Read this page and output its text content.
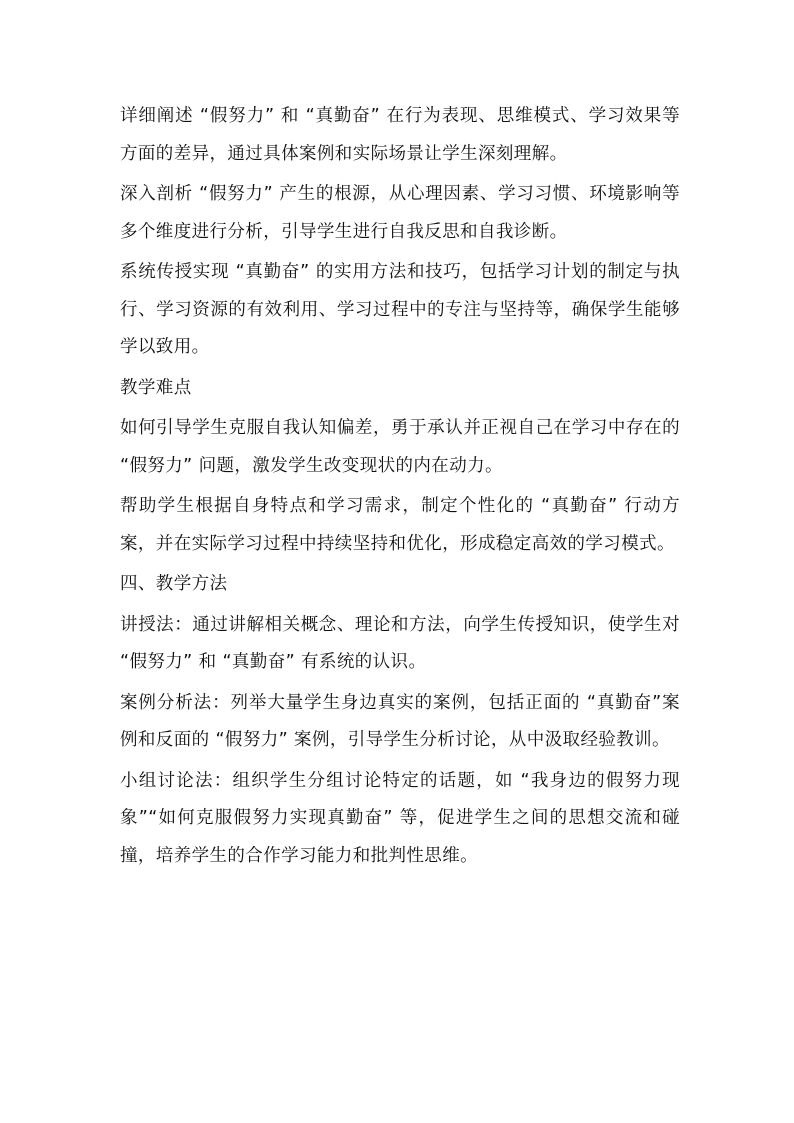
详细阐述 “假努力” 和 “真勤奋” 在行为表现、思维模式、学习效果等方面的差异，通过具体案例和实际场景让学生深刻理解。

深入剖析 “假努力” 产生的根源，从心理因素、学习习惯、环境影响等多个维度进行分析，引导学生进行自我反思和自我诊断。

系统传授实现 “真勤奋” 的实用方法和技巧，包括学习计划的制定与执行、学习资源的有效利用、学习过程中的专注与坚持等，确保学生能够学以致用。

教学难点

如何引导学生克服自我认知偏差，勇于承认并正视自己在学习中存在的 “假努力” 问题，激发学生改变现状的内在动力。

帮助学生根据自身特点和学习需求，制定个性化的 “真勤奋” 行动方案，并在实际学习过程中持续坚持和优化，形成稳定高效的学习模式。

四、教学方法

讲授法：通过讲解相关概念、理论和方法，向学生传授知识，使学生对 “假努力” 和 “真勤奋” 有系统的认识。

案例分析法：列举大量学生身边真实的案例，包括正面的 “真勤奋”案例和反面的 “假努力” 案例，引导学生分析讨论，从中汲取经验教训。

小组讨论法：组织学生分组讨论特定的话题，如 “我身边的假努力现象”“如何克服假努力实现真勤奋” 等，促进学生之间的思想交流和碰撞，培养学生的合作学习能力和批判性思维。
